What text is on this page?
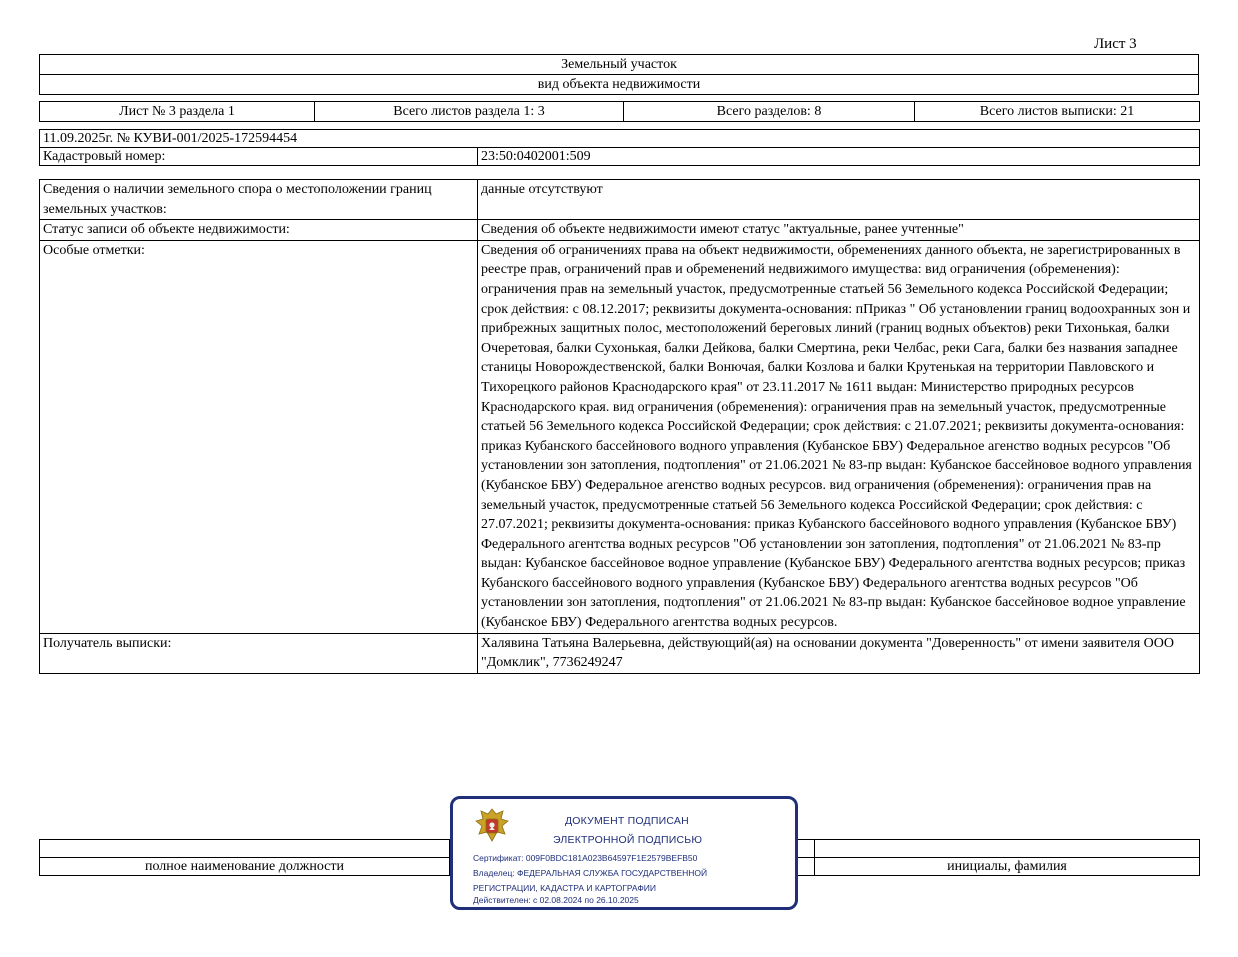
Лист 3
Земельный участок
вид объекта недвижимости
Лист № 3 раздела 1	Всего листов раздела 1: 3	Всего разделов: 8	Всего листов выписки: 21
11.09.2025г. № КУВИ-001/2025-172594454
Кадастровый номер:	23:50:0402001:509
Сведения о наличии земельного спора о местоположении границ земельных участков:	данные отсутствуют
Статус записи об объекте недвижимости:	Сведения об объекте недвижимости имеют статус "актуальные, ранее учтенные"
Особые отметки:	Сведения об ограничениях права на объект недвижимости, обременениях данного объекта, не зарегистрированных в реестре прав, ограничений прав и обременений недвижимого имущества: вид ограничения (обременения): ограничения прав на земельный участок, предусмотренные статьей 56 Земельного кодекса Российской Федерации; срок действия: с 08.12.2017; реквизиты документа-основания: пПриказ " Об установлении границ водоохранных зон и прибрежных защитных полос, местоположений береговых линий (границ водных объектов) реки Тихонькая, балки Очеретовая, балки Сухонькая, балки Дейкова, балки Смертина, реки Челбас, реки Сага, балки без названия западнее станицы Новорождественской, балки Вонючая, балки Козлова и балки Крутенькая на территории Павловского и Тихорецкого районов Краснодарского края" от 23.11.2017 № 1611 выдан: Министерство природных ресурсов Краснодарского края. вид ограничения (обременения): ограничения прав на земельный участок, предусмотренные статьей 56 Земельного кодекса Российской Федерации; срок действия: с 21.07.2021; реквизиты документа-основания: приказ Кубанского бассейнового водного управления (Кубанское БВУ) Федеральное агенство водных ресурсов "Об установлении зон затопления, подтопления" от 21.06.2021 № 83-пр выдан: Кубанское бассейновое водного управления (Кубанское БВУ) Федеральное агенство водных ресурсов. вид ограничения (обременения): ограничения прав на земельный участок, предусмотренные статьей 56 Земельного кодекса Российской Федерации; срок действия: с 27.07.2021; реквизиты документа-основания: приказ Кубанского бассейнового водного управления (Кубанское БВУ) Федерального агентства водных ресурсов "Об установлении зон затопления, подтопления" от 21.06.2021 № 83-пр выдан: Кубанское бассейновое водное управление (Кубанское БВУ) Федерального агентства водных ресурсов; приказ Кубанского бассейнового водного управления (Кубанское БВУ) Федерального агентства водных ресурсов "Об установлении зон затопления, подтопления" от 21.06.2021 № 83-пр выдан: Кубанское бассейновое водное управление (Кубанское БВУ) Федерального агентства водных ресурсов.
Получатель выписки:	Халявина Татьяна Валерьевна, действующий(ая) на основании документа "Доверенность" от имени заявителя ООО "Домклик", 7736249247

полное наименование должности		инициалы, фамилия
ДОКУМЕНТ ПОДПИСАН
ЭЛЕКТРОННОЙ ПОДПИСЬЮ
Сертификат: 009F0BDC181A023B64597F1E2579BEFB50
Владелец: ФЕДЕРАЛЬНАЯ СЛУЖБА ГОСУДАРСТВЕННОЙ
РЕГИСТРАЦИИ, КАДАСТРА И КАРТОГРАФИИ
Действителен: с 02.08.2024 по 26.10.2025
